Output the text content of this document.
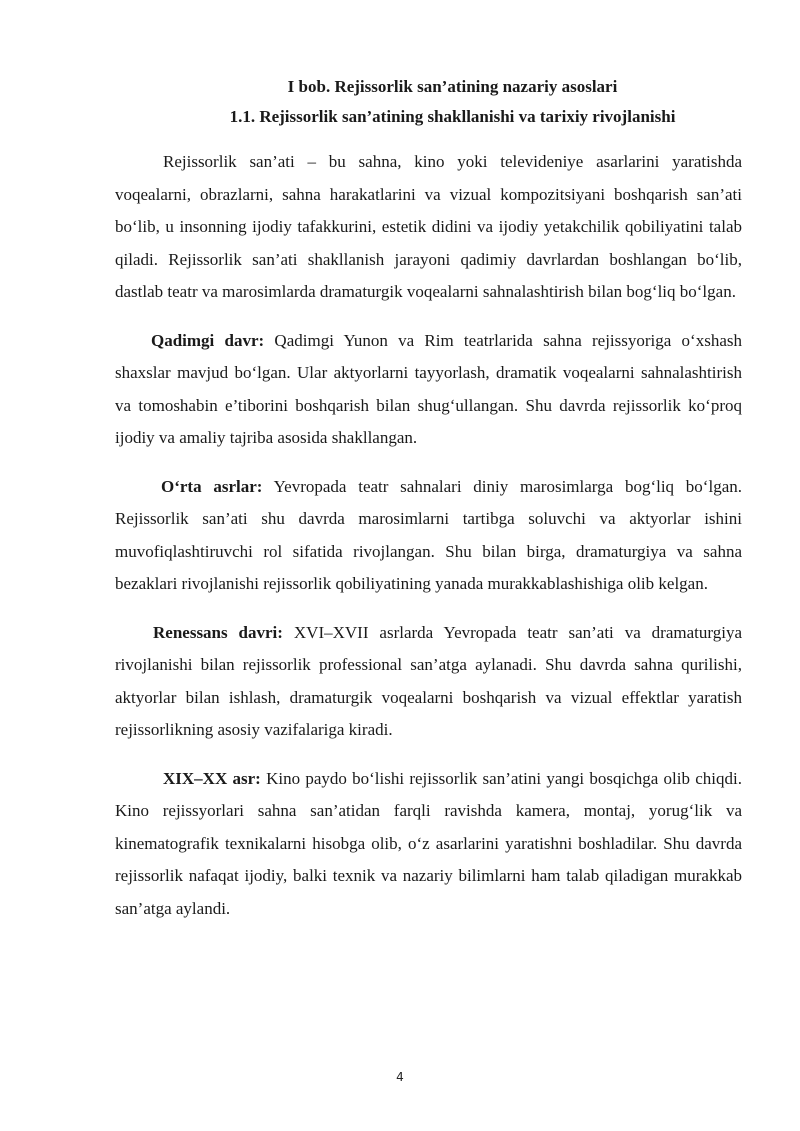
I bob. Rejissorlik san’atining nazariy asoslari
1.1. Rejissorlik san’atining shakllanishi va tarixiy rivojlanishi

Rejissorlik san’ati – bu sahna, kino yoki televideniye asarlarini yaratishda voqealarni, obrazlarni, sahna harakatlarini va vizual kompozitsiyani boshqarish san’ati bo‘lib, u insonning ijodiy tafakkurini, estetik didini va ijodiy yetakchilik qobiliyatini talab qiladi. Rejissorlik san’ati shakllanish jarayoni qadimiy davrlardan boshlangan bo‘lib, dastlab teatr va marosimlarda dramaturgik voqealarni sahnalashtirish bilan bog‘liq bo‘lgan.

Qadimgi davr: Qadimgi Yunon va Rim teatrlarida sahna rejissyoriga o‘xshash shaxslar mavjud bo‘lgan. Ular aktyorlarni tayyorlash, dramatik voqealarni sahnalashtirish va tomoshabin e’tiborini boshqarish bilan shug‘ullangan. Shu davrda rejissorlik ko‘proq ijodiy va amaliy tajriba asosida shakllangan.

O‘rta asrlar: Yevropada teatr sahnalari diniy marosimlarga bog‘liq bo‘lgan. Rejissorlik san’ati shu davrda marosimlarni tartibga soluvchi va aktyorlar ishini muvofiqlashtiruvchi rol sifatida rivojlangan. Shu bilan birga, dramaturgiya va sahna bezaklari rivojlanishi rejissorlik qobiliyatining yanada murakkablashishiga olib kelgan.

Renessans davri: XVI–XVII asrlarda Yevropada teatr san’ati va dramaturgiya rivojlanishi bilan rejissorlik professional san’atga aylanadi. Shu davrda sahna qurilishi, aktyorlar bilan ishlash, dramaturgik voqealarni boshqarish va vizual effektlar yaratish rejissorlikning asosiy vazifalariga kiradi.

XIX–XX asr: Kino paydo bo‘lishi rejissorlik san’atini yangi bosqichga olib chiqdi. Kino rejissyorlari sahna san’atidan farqli ravishda kamera, montaj, yorug‘lik va kinematografik texnikalarni hisobga olib, o‘z asarlarini yaratishni boshladilar. Shu davrda rejissorlik nafaqat ijodiy, balki texnik va nazariy bilimlarni ham talab qiladigan murakkab san’atga aylandi.

4
